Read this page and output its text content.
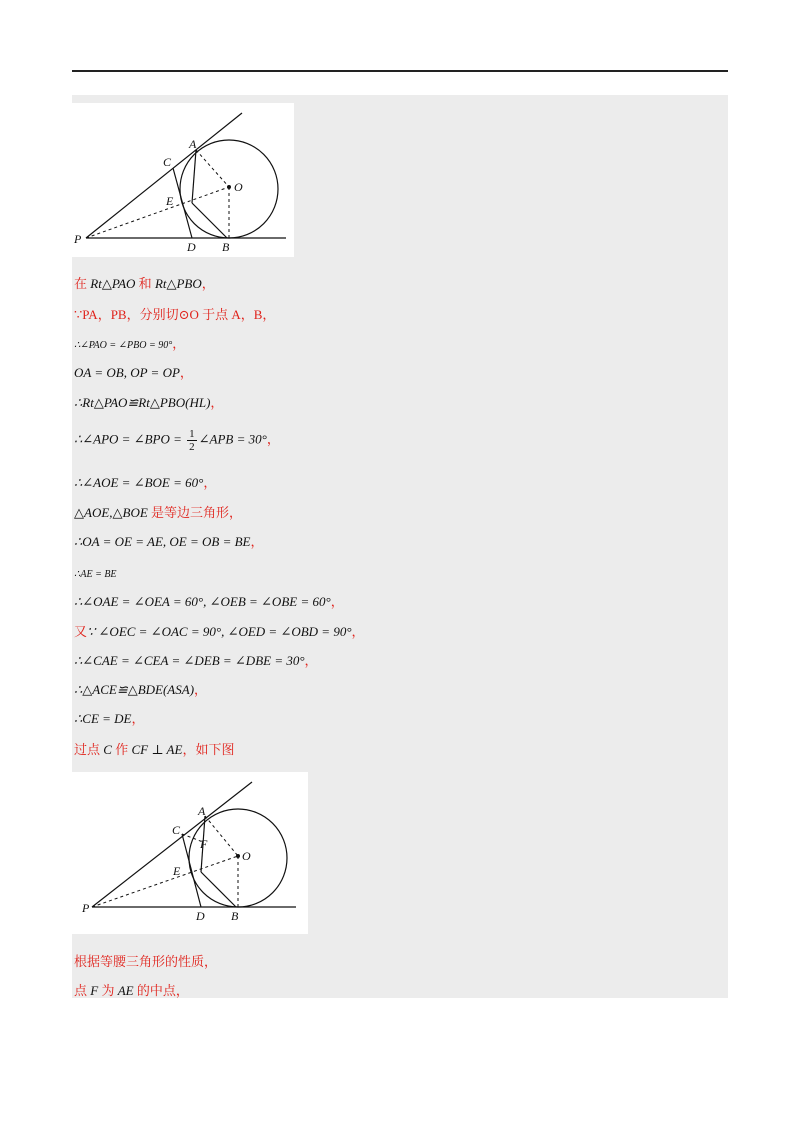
A
C
O
E
P
D B
在 Rt△PAO 和 Rt△PBO，
∵PA，PB，分别切⊙O 于点 A，B，
∴∠PAO = ∠PBO = 90°，
OA = OB, OP = OP，
∴Rt△PAO≌Rt△PBO(HL)，
∴∠APO = ∠BPO = $\frac{1}{2}$ ∠APB = 30°，
∴∠AOE = ∠BOE = 60°，
△AOE,△BOE 是等边三角形，
∴OA = OE = AE, OE = OB = BE，
∴AE = BE
∴∠OAE = ∠OEA = 60°, ∠OEB = ∠OBE = 60°，
又∵ ∠OEC = ∠OAC = 90°, ∠OED = ∠OBD = 90°，
∴∠CAE = ∠CEA = ∠DEB = ∠DBE = 30°，
∴△ACE≌△BDE(ASA)，
∴CE = DE，
过点 C 作 CF ⊥ AE，如下图
A
C
F
O
E
P
D B
根据等腰三角形的性质，
点 F 为 AE 的中点，
